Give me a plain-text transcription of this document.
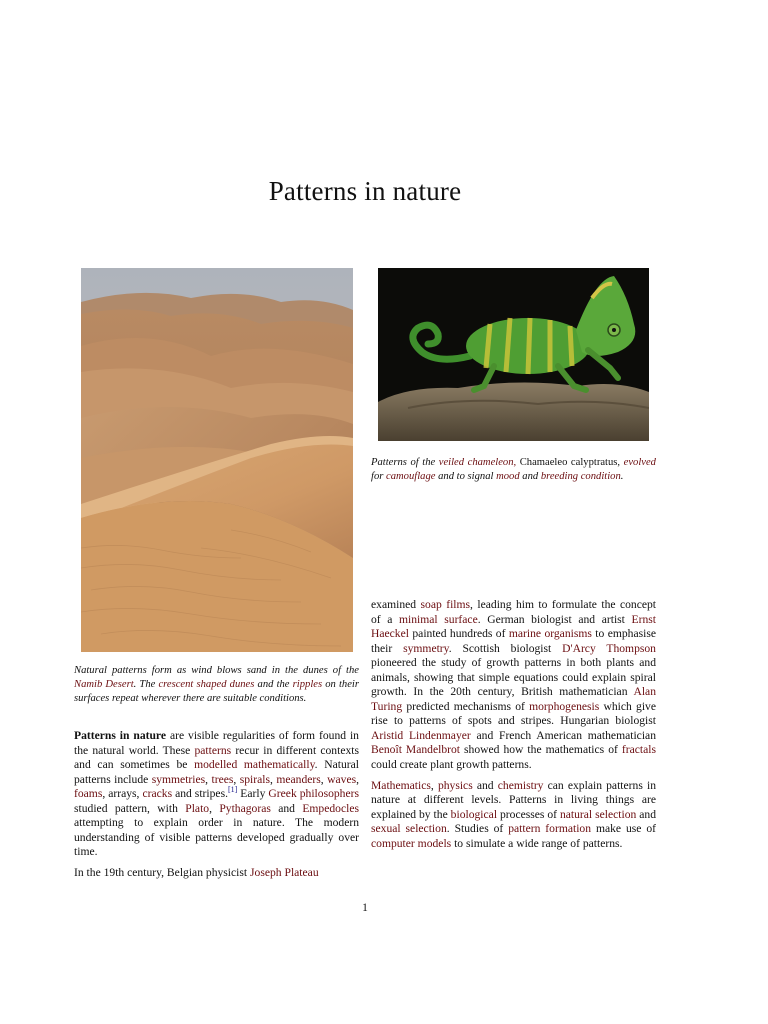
Patterns in nature
Patterns of the veiled chameleon, Chamaeleo calyptratus, evolved for camouflage and to signal mood and breeding condition.
Natural patterns form as wind blows sand in the dunes of the Namib Desert. The crescent shaped dunes and the ripples on their surfaces repeat wherever there are suitable conditions.

Patterns in nature are visible regularities of form found in the natural world. These patterns recur in different contexts and can sometimes be modelled mathematically. Natural patterns include symmetries, trees, spirals, meanders, waves, foams, arrays, cracks and stripes.[1] Early Greek philosophers studied pattern, with Plato, Pythagoras and Empedocles attempting to explain order in nature. The modern understanding of visible patterns developed gradually over time.

In the 19th century, Belgian physicist Joseph Plateau

examined soap films, leading him to formulate the concept of a minimal surface. German biologist and artist Ernst Haeckel painted hundreds of marine organisms to emphasise their symmetry. Scottish biologist D'Arcy Thompson pioneered the study of growth patterns in both plants and animals, showing that simple equations could explain spiral growth. In the 20th century, British mathematician Alan Turing predicted mechanisms of morphogenesis which give rise to patterns of spots and stripes. Hungarian biologist Aristid Lindenmayer and French American mathematician Benoît Mandelbrot showed how the mathematics of fractals could create plant growth patterns.

Mathematics, physics and chemistry can explain patterns in nature at different levels. Patterns in living things are explained by the biological processes of natural selection and sexual selection. Studies of pattern formation make use of computer models to simulate a wide range of patterns.

1
